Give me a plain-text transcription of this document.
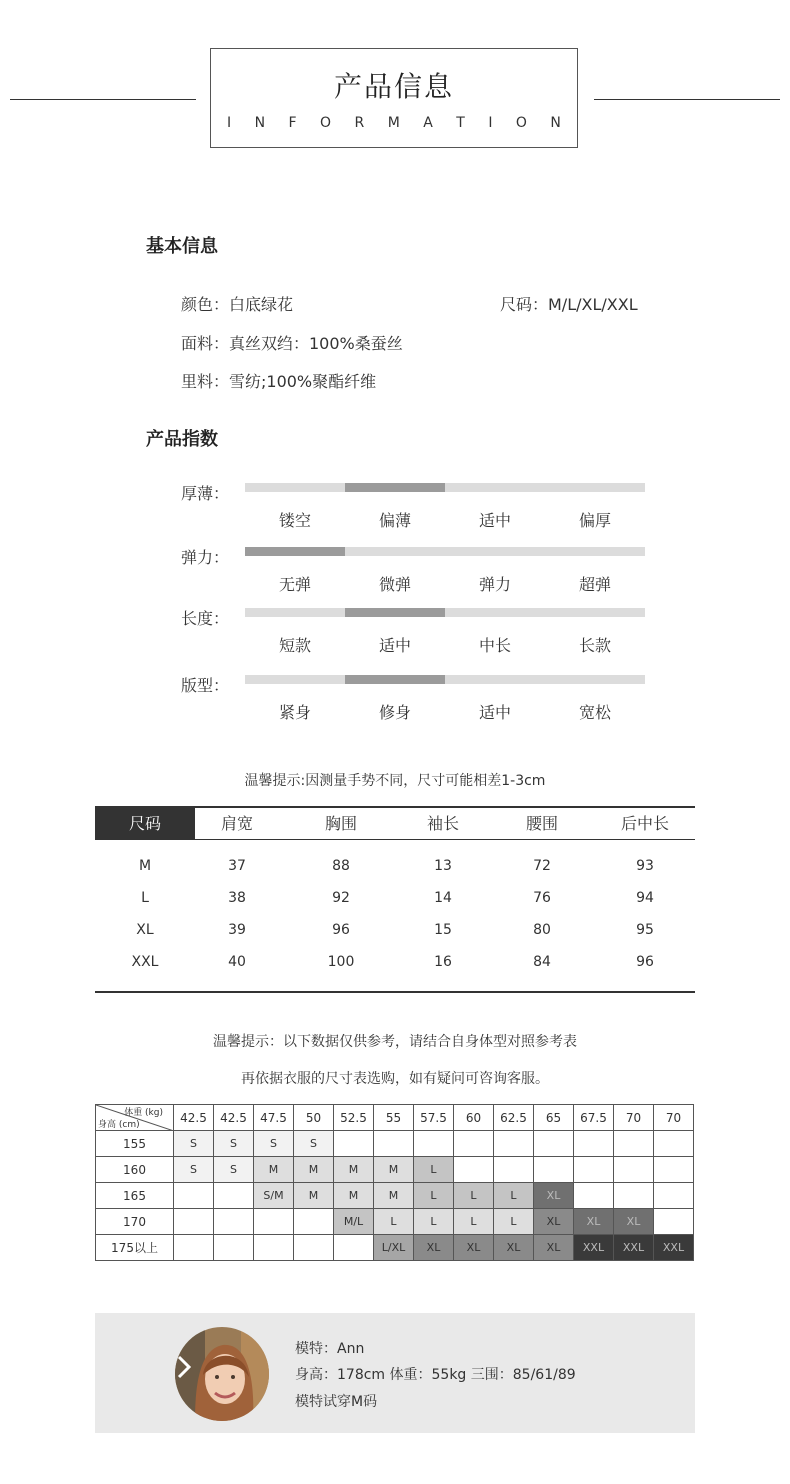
产品信息
I N F O R M A T I O N
基本信息
颜色：白底绿花	尺码：M/L/XL/XXL
面料：真丝双绉：100%桑蚕丝
里料：雪纺;100%聚酯纤维
产品指数
厚薄：
镂空	偏薄	适中	偏厚
弹力：
无弹	微弹	弹力	超弹
长度：
短款	适中	中长	长款
版型：
紧身	修身	适中	宽松
温馨提示:因测量手势不同，尺寸可能相差1-3cm
尺码	肩宽	胸围	袖长	腰围	后中长
M	37	88	13	72	93
L	38	92	14	76	94
XL	39	96	15	80	95
XXL	40	100	16	84	96
温馨提示：以下数据仅供参考，请结合自身体型对照参考表
再依据衣服的尺寸表选购，如有疑问可咨询客服。
体重 (kg)
身高 (cm)	42.5	42.5	47.5	50	52.5	55	57.5	60	62.5	65	67.5	70	70
155	S	S	S	S									
160	S	S	M	M	M	M	L						
165			S/M	M	M	M	L	L	L	XL			
170					M/L	L	L	L	L	XL	XL	XL	
175以上						L/XL	XL	XL	XL	XL	XXL	XXL	XXL
模特：Ann
身高：178cm 体重：55kg 三围：85/61/89
模特试穿M码
